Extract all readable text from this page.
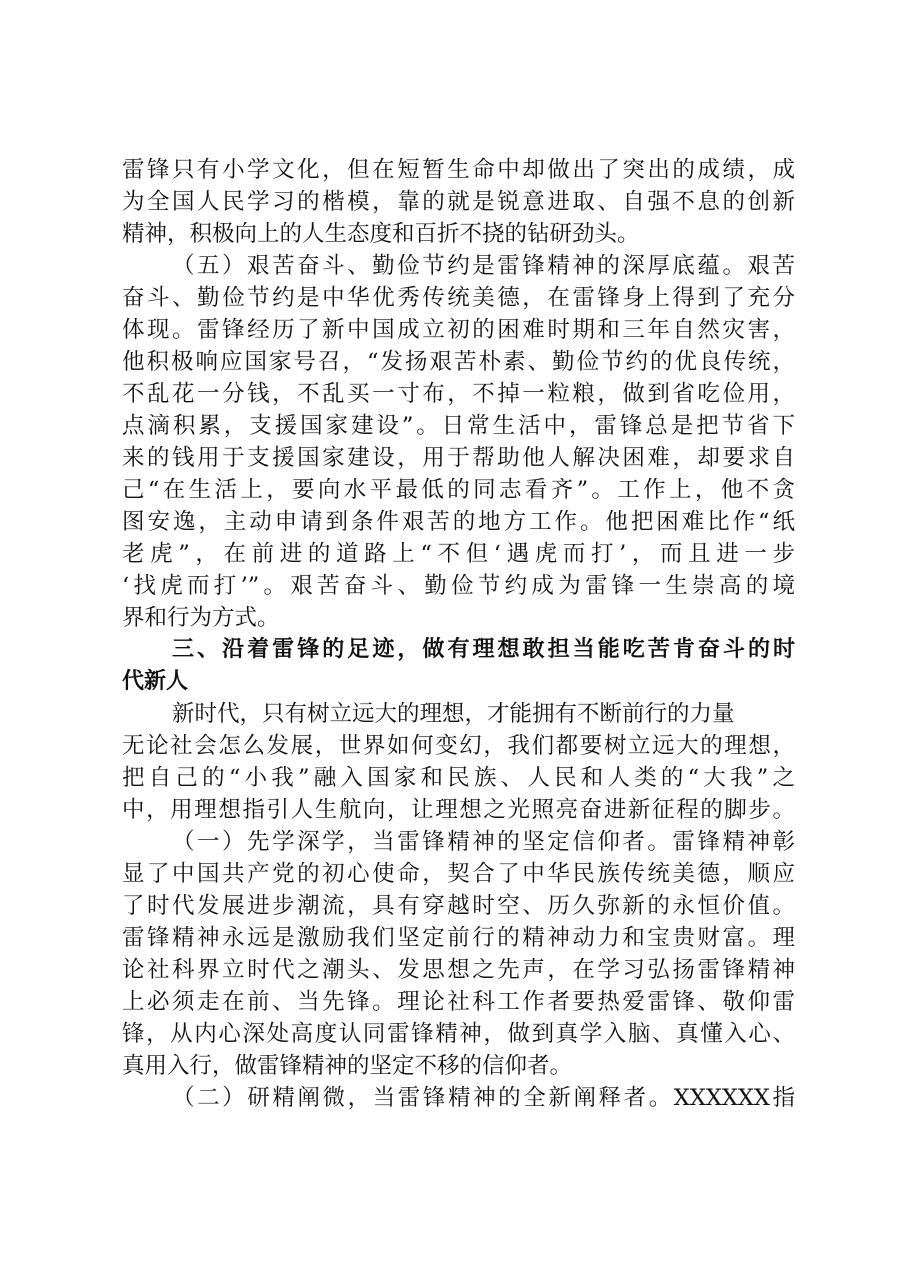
雷锋只有小学文化，但在短暂生命中却做出了突出的成绩，成
为全国人民学习的楷模，靠的就是锐意进取、自强不息的创新
精神，积极向上的人生态度和百折不挠的钻研劲头。
（五）艰苦奋斗、勤俭节约是雷锋精神的深厚底蕴。艰苦
奋斗、勤俭节约是中华优秀传统美德，在雷锋身上得到了充分
体现。雷锋经历了新中国成立初的困难时期和三年自然灾害，
他积极响应国家号召，“发扬艰苦朴素、勤俭节约的优良传统，
不乱花一分钱，不乱买一寸布，不掉一粒粮，做到省吃俭用，
点滴积累，支援国家建设”。日常生活中，雷锋总是把节省下
来的钱用于支援国家建设，用于帮助他人解决困难，却要求自
己“在生活上，要向水平最低的同志看齐”。工作上，他不贪
图安逸，主动申请到条件艰苦的地方工作。他把困难比作“纸
老虎”，在前进的道路上“不但‘遇虎而打’，而且进一步
‘找虎而打’”。艰苦奋斗、勤俭节约成为雷锋一生崇高的境
界和行为方式。
三、沿着雷锋的足迹，做有理想敢担当能吃苦肯奋斗的时
代新人
新时代，只有树立远大的理想，才能拥有不断前行的力量
无论社会怎么发展，世界如何变幻，我们都要树立远大的理想，
把自己的“小我”融入国家和民族、人民和人类的“大我”之
中，用理想指引人生航向，让理想之光照亮奋进新征程的脚步。
（一）先学深学，当雷锋精神的坚定信仰者。雷锋精神彰
显了中国共产党的初心使命，契合了中华民族传统美德，顺应
了时代发展进步潮流，具有穿越时空、历久弥新的永恒价值。
雷锋精神永远是激励我们坚定前行的精神动力和宝贵财富。理
论社科界立时代之潮头、发思想之先声，在学习弘扬雷锋精神
上必须走在前、当先锋。理论社科工作者要热爱雷锋、敬仰雷
锋，从内心深处高度认同雷锋精神，做到真学入脑、真懂入心、
真用入行，做雷锋精神的坚定不移的信仰者。
（二）研精阐微，当雷锋精神的全新阐释者。XXXXXX指
